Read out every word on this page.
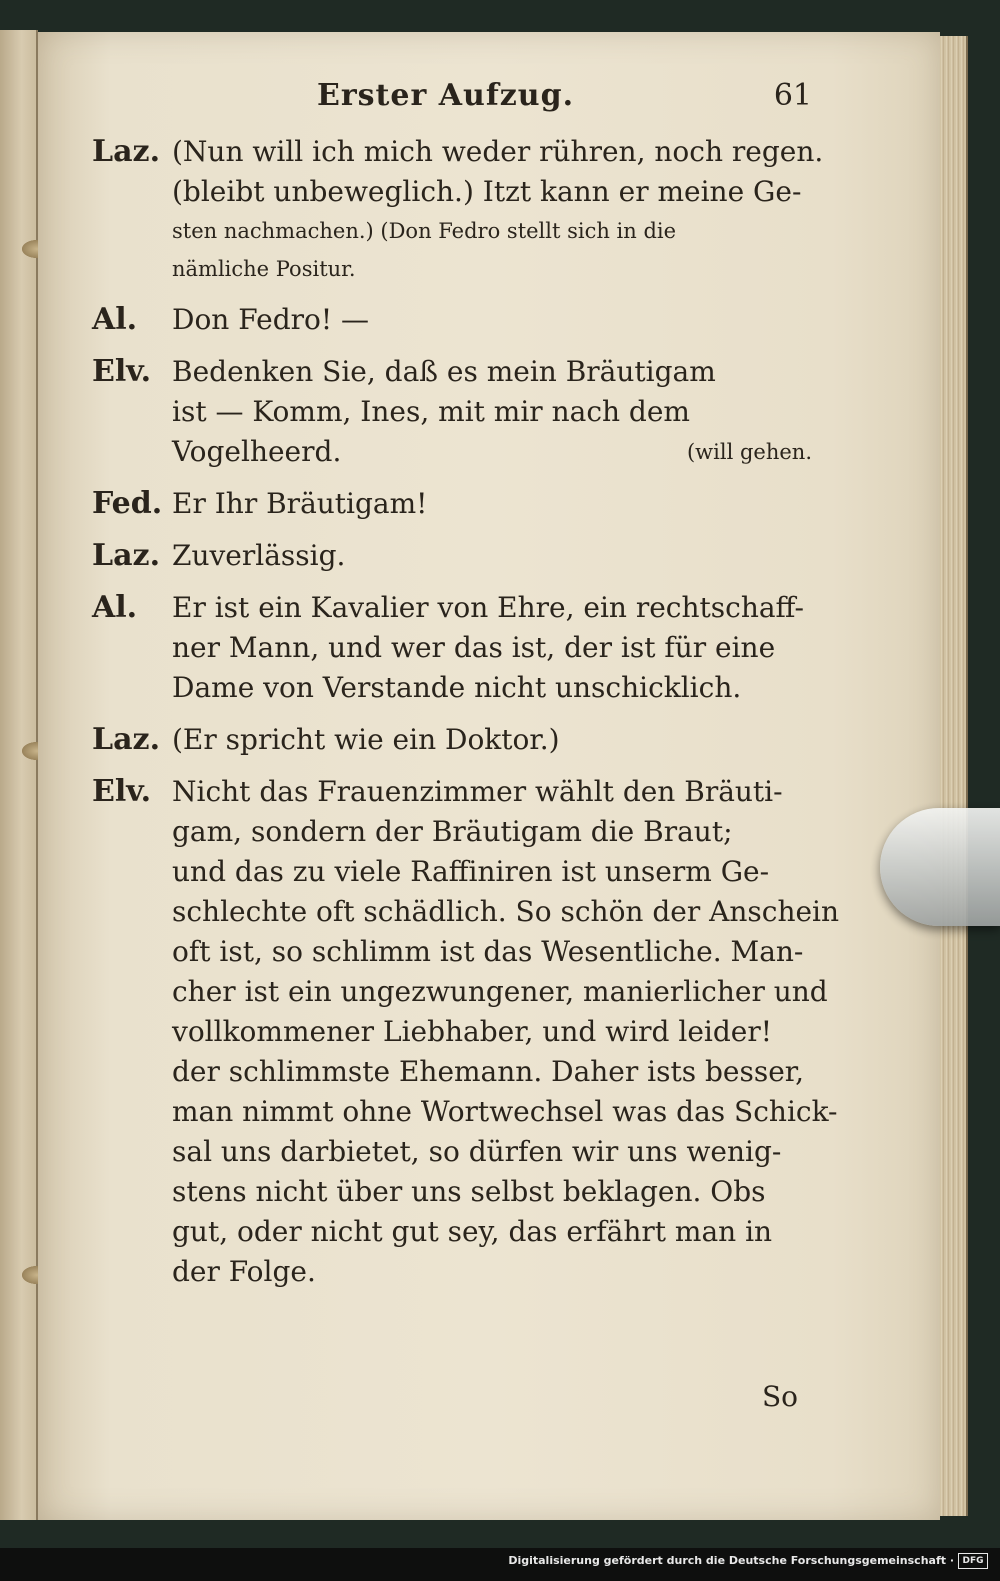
Erster Aufzug.	61
Laz. (Nun will ich mich weder rühren, noch regen.
(bleibt unbeweglich.) Itzt kann er meine Ge-
sten nachmachen.) (Don Fedro stellt sich in die
nämliche Positur.
Al.	Don Fedro! —
Elv. Bedenken Sie, daß es mein Bräutigam
ist — Komm, Ines, mit mir nach dem
Vogelheerd.	(will gehen.
Fed. Er Ihr Bräutigam!
Laz. Zuverlässig.
Al.	Er ist ein Kavalier von Ehre, ein rechtschaff-
ner Mann, und wer das ist, der ist für eine
Dame von Verstande nicht unschicklich.
Laz. (Er spricht wie ein Doktor.)
Elv. Nicht das Frauenzimmer wählt den Bräuti-
gam, sondern der Bräutigam die Braut;
und das zu viele Raffiniren ist unserm Ge-
schlechte oft schädlich. So schön der Anschein
oft ist, so schlimm ist das Wesentliche. Man-
cher ist ein ungezwungener, manierlicher und
vollkommener Liebhaber, und wird leider!
der schlimmste Ehemann. Daher ists besser,
man nimmt ohne Wortwechsel was das Schick-
sal uns darbietet, so dürfen wir uns wenig-
stens nicht über uns selbst beklagen. Obs
gut, oder nicht gut sey, das erfährt man in
der Folge.
So
Digitalisierung gefördert durch die Deutsche Forschungsgemeinschaft · DFG
